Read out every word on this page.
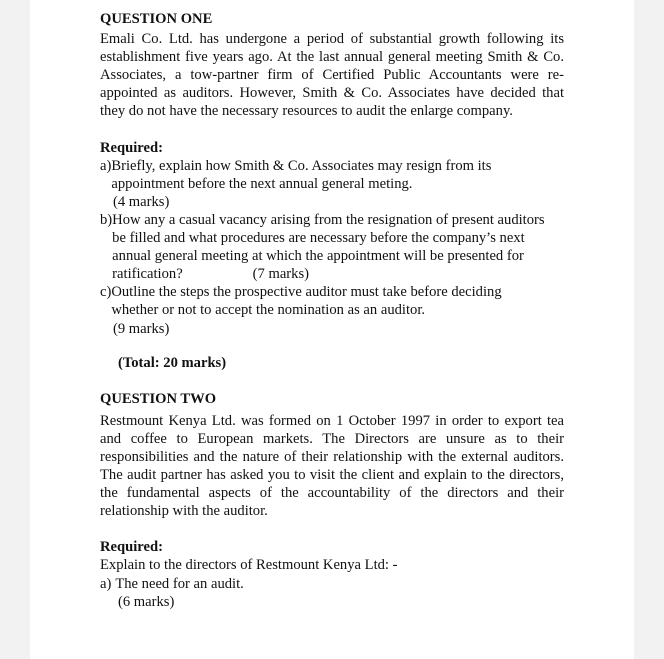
QUESTION ONE

Emali Co. Ltd. has undergone a period of substantial growth following its establishment five years ago. At the last annual general meeting Smith & Co. Associates, a tow-partner firm of Certified Public Accountants were re-appointed as auditors. However, Smith & Co. Associates have decided that they do not have the necessary resources to audit the enlarge company.

Required:

a) Briefly, explain how Smith & Co. Associates may resign from its appointment before the next annual general meting.

(4 marks)

b) How any a casual vacancy arising from the resignation of present auditors be filled and what procedures are necessary before the company’s next annual general meeting at which the appointment will be presented for ratification?	(7 marks)
c) Outline the steps the prospective auditor must take before deciding whether or not to accept the nomination as an auditor.

(9 marks)

(Total: 20 marks)

QUESTION TWO

Restmount Kenya Ltd. was formed on 1 October 1997 in order to export tea and coffee to European markets. The Directors are unsure as to their responsibilities and the nature of their relationship with the external auditors. The audit partner has asked you to visit the client and explain to the directors, the fundamental aspects of the accountability of the directors and their relationship with the auditor.

Required:

Explain to the directors of Restmount Kenya Ltd: -

a) The need for an audit.

(6 marks)
